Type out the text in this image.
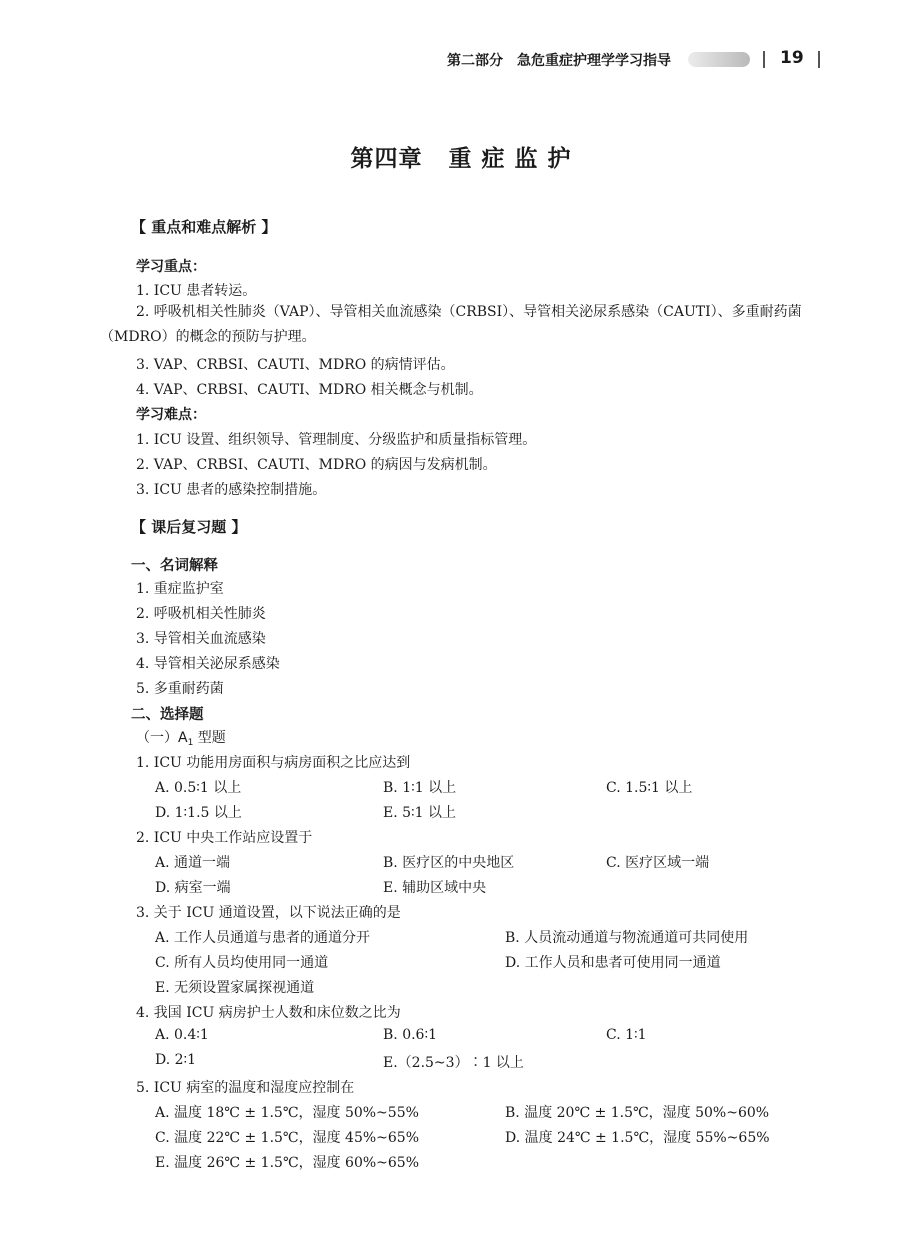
第二部分　急危重症护理学学习指导	19
第四章 重 症 监 护
【 重点和难点解析 】
学习重点：
1. ICU 患者转运。
2. 呼吸机相关性肺炎（VAP）、导管相关血流感染（CRBSI）、导管相关泌尿系感染（CAUTI）、多重耐药菌（MDRO）的概念的预防与护理。
3. VAP、CRBSI、CAUTI、MDRO 的病情评估。
4. VAP、CRBSI、CAUTI、MDRO 相关概念与机制。
学习难点：
1. ICU 设置、组织领导、管理制度、分级监护和质量指标管理。
2. VAP、CRBSI、CAUTI、MDRO 的病因与发病机制。
3. ICU 患者的感染控制措施。
【 课后复习题 】
一、名词解释
1. 重症监护室
2. 呼吸机相关性肺炎
3. 导管相关血流感染
4. 导管相关泌尿系感染
5. 多重耐药菌
二、选择题
（一）$A_1$ 型题
1. ICU 功能用房面积与病房面积之比应达到
A. 0.5∶1 以上	B. 1∶1 以上	C. 1.5∶1 以上
D. 1∶1.5 以上	E. 5∶1 以上
2. ICU 中央工作站应设置于
A. 通道一端	B. 医疗区的中央地区	C. 医疗区域一端
D. 病室一端	E. 辅助区域中央
3. 关于 ICU 通道设置，以下说法正确的是
A. 工作人员通道与患者的通道分开	B. 人员流动通道与物流通道可共同使用
C. 所有人员均使用同一通道	D. 工作人员和患者可使用同一通道
E. 无须设置家属探视通道
4. 我国 ICU 病房护士人数和床位数之比为
A. 0.4∶1	B. 0.6∶1	C. 1∶1
D. 2∶1	E.（2.5~3）∶1 以上
5. ICU 病室的温度和湿度应控制在
A. 温度 18℃ ± 1.5℃，湿度 50%~55%	B. 温度 20℃ ± 1.5℃，湿度 50%~60%
C. 温度 22℃ ± 1.5℃，湿度 45%~65%	D. 温度 24℃ ± 1.5℃，湿度 55%~65%
E. 温度 26℃ ± 1.5℃，湿度 60%~65%
